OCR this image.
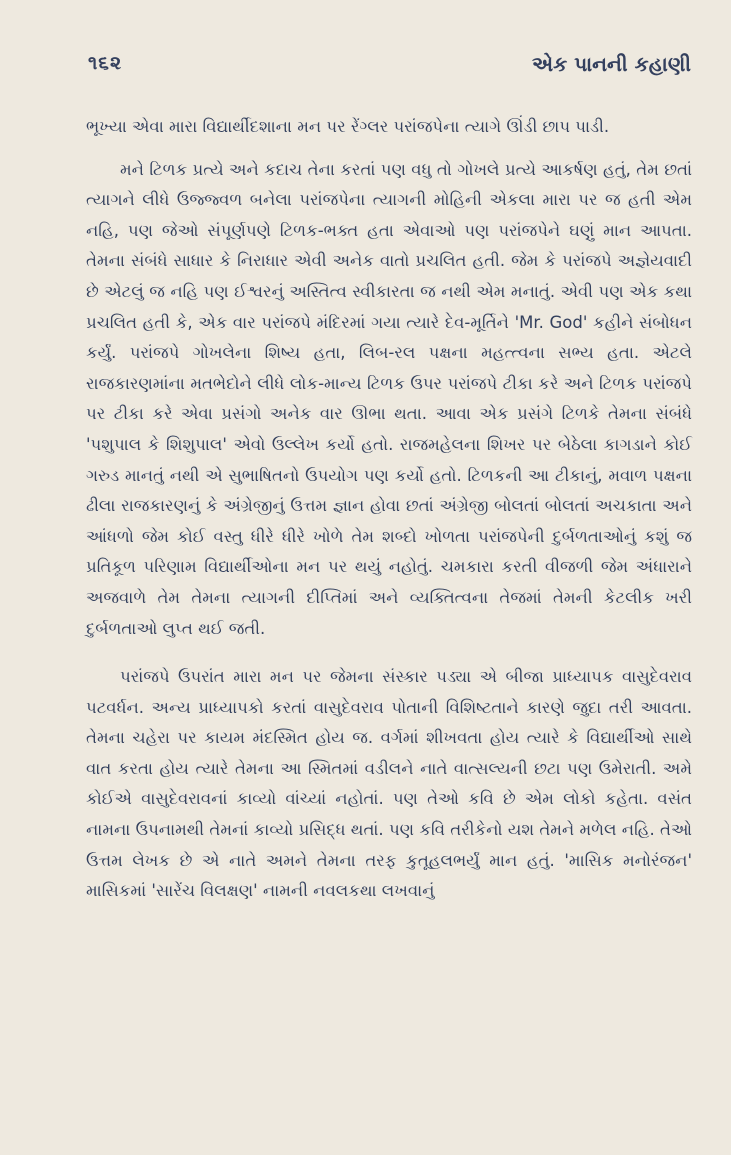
૧૬૨	એક પાનની કહાણી

ભૂખ્યા એવા મારા વિદ્યાર્થીદશાના મન પર રેંગ્લર પરાંજપેના ત્યાગે ઊંડી છાપ પાડી.

મને ટિળક પ્રત્યે અને કદાચ તેના કરતાં પણ વધુ તો ગોખલે પ્રત્યે આકર્ષણ હતું, તેમ છતાં ત્યાગને લીધે ઉજ્જ્વળ બનેલા પરાંજપેના ત્યાગની મોહિની એકલા મારા પર જ હતી એમ નહિ, પણ જેઓ સંપૂર્ણપણે ટિળક-ભક્ત હતા એવાઓ પણ પરાંજપેને ઘણું માન આપતા. તેમના સંબંધે સાધાર કે નિરાધાર એવી અનેક વાતો પ્રચલિત હતી. જેમ કે પરાંજપે અજ્ઞેયવાદી છે એટલું જ નહિ પણ ઈશ્વરનું અસ્તિત્વ સ્વીકારતા જ નથી એમ મનાતું. એવી પણ એક કથા પ્રચલિત હતી કે, એક વાર પરાંજપે મંદિરમાં ગયા ત્યારે દેવ-મૂર્તિને 'Mr. God' કહીને સંબોધન કર્યું. પરાંજપે ગોખલેના શિષ્ય હતા, લિબ-રલ પક્ષના મહત્ત્વના સભ્ય હતા. એટલે રાજકારણમાંના મતભેદોને લીધે લોક-માન્ય ટિળક ઉપર પરાંજપે ટીકા કરે અને ટિળક પરાંજપે પર ટીકા કરે એવા પ્રસંગો અનેક વાર ઊભા થતા. આવા એક પ્રસંગે ટિળકે તેમના સંબંધે 'પશુપાલ કે શિશુપાલ' એવો ઉલ્લેખ કર્યો હતો. રાજમહેલના શિખર પર બેઠેલા કાગડાને કોઈ ગરુડ માનતું નથી એ સુભાષિતનો ઉપયોગ પણ કર્યો હતો. ટિળકની આ ટીકાનું, મવાળ પક્ષના ઢીલા રાજકારણનું કે અંગ્રેજીનું ઉત્તમ જ્ઞાન હોવા છતાં અંગ્રેજી બોલતાં બોલતાં અચકાતા અને આંધળો જેમ કોઈ વસ્તુ ધીરે ધીરે ખોળે તેમ શબ્દો ખોળતા પરાંજપેની દુર્બળતાઓનું કશું જ પ્રતિકૂળ પરિણામ વિદ્યાર્થીઓના મન પર થયું નહોતું. ચમકારા કરતી વીજળી જેમ અંધારાને અજવાળે તેમ તેમના ત્યાગની દીપ્તિમાં અને વ્યક્તિત્વના તેજમાં તેમની કેટલીક ખરી દુર્બળતાઓ લુપ્ત થઈ જતી.

પરાંજપે ઉપરાંત મારા મન પર જેમના સંસ્કાર પડ્યા એ બીજા પ્રાધ્યાપક વાસુદેવરાવ પટવર્ધન. અન્ય પ્રાધ્યાપકો કરતાં વાસુદેવરાવ પોતાની વિશિષ્ટતાને કારણે જુદા તરી આવતા. તેમના ચહેરા પર કાયમ મંદસ્મિત હોય જ. વર્ગમાં શીખવતા હોય ત્યારે કે વિદ્યાર્થીઓ સાથે વાત કરતા હોય ત્યારે તેમના આ સ્મિતમાં વડીલને નાતે વાત્સલ્યની છટા પણ ઉમેરાતી. અમે કોઈએ વાસુદેવરાવનાં કાવ્યો વાંચ્યાં નહોતાં. પણ તેઓ કવિ છે એમ લોકો કહેતા. વસંત નામના ઉપનામથી તેમનાં કાવ્યો પ્રસિદ્ધ થતાં. પણ કવિ તરીકેનો યશ તેમને મળેલ નહિ. તેઓ ઉત્તમ લેખક છે એ નાતે અમને તેમના તરફ કુતૂહલભર્યું માન હતું. 'માસિક મનોરંજન' માસિકમાં 'સારેંચ વિલક્ષણ' નામની નવલકથા લખવાનું
